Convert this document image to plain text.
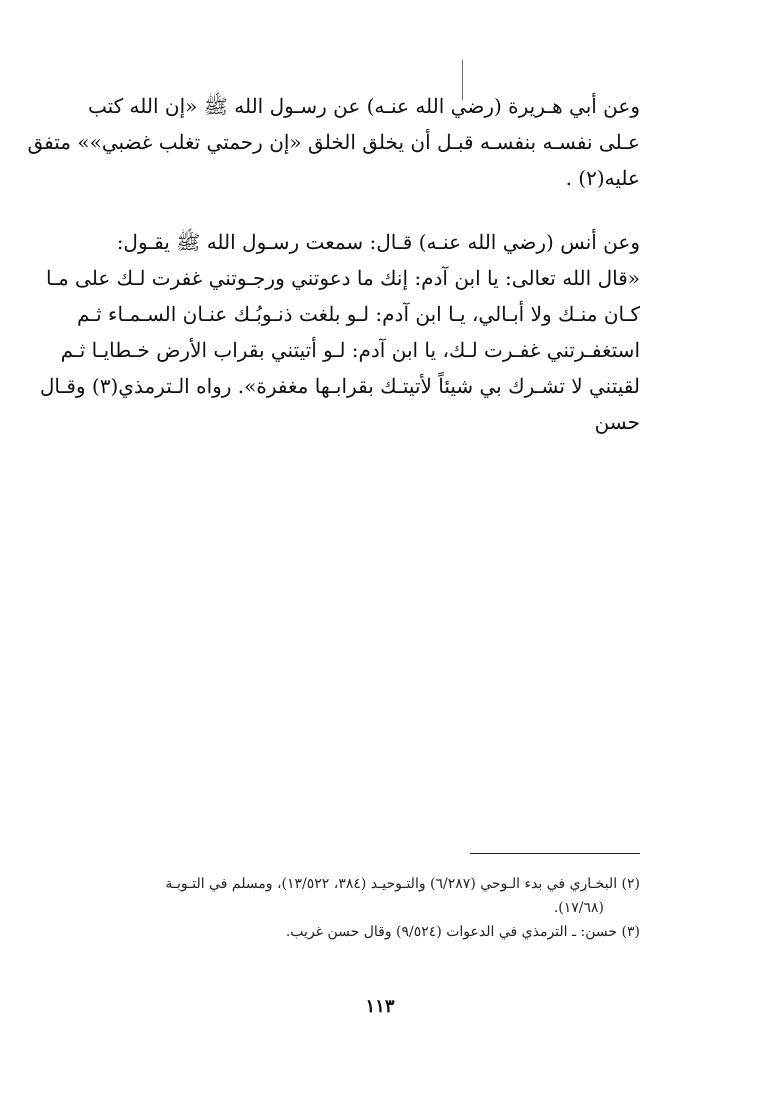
وعن أبي هـريرة (رضي الله عنـه) عن رسـول الله ﷺ «إن الله كتب
عـلى نفسـه بنفسـه قبـل أن يخلق الخلق «إن رحمتي تغلب غضبي»» متفق
عليه(٢) .
وعن أنس (رضي الله عنـه) قـال: سمعت رسـول الله ﷺ يقـول:
«قال الله تعالى: يا ابن آدم: إنك ما دعوتني ورجـوتني غفرت لـك على مـا
كـان منـك ولا أبـالي، يـا ابن آدم: لـو بلغت ذنـوبُـك عنـان السـمـاء ثـم
استغفـرتني غفـرت لـك، يا ابن آدم: لـو أتيتني بقراب الأرض خـطايـا ثـم
لقيتني لا تشـرك بي شيئاً لأتيتـك بقرابـها مغفرة». رواه الـترمذي(٣) وقـال
حسن
(٢) البخـاري في بدء الـوحي (٦/٢٨٧) والتـوحيـد (٣٨٤، ١٣/٥٢٢)، ومسلم في التـوبـة
(١٧/٦٨).
(٣) حسن: ـ الترمذي في الدعوات (٩/٥٢٤) وقال حسن غريب.
١١٣
